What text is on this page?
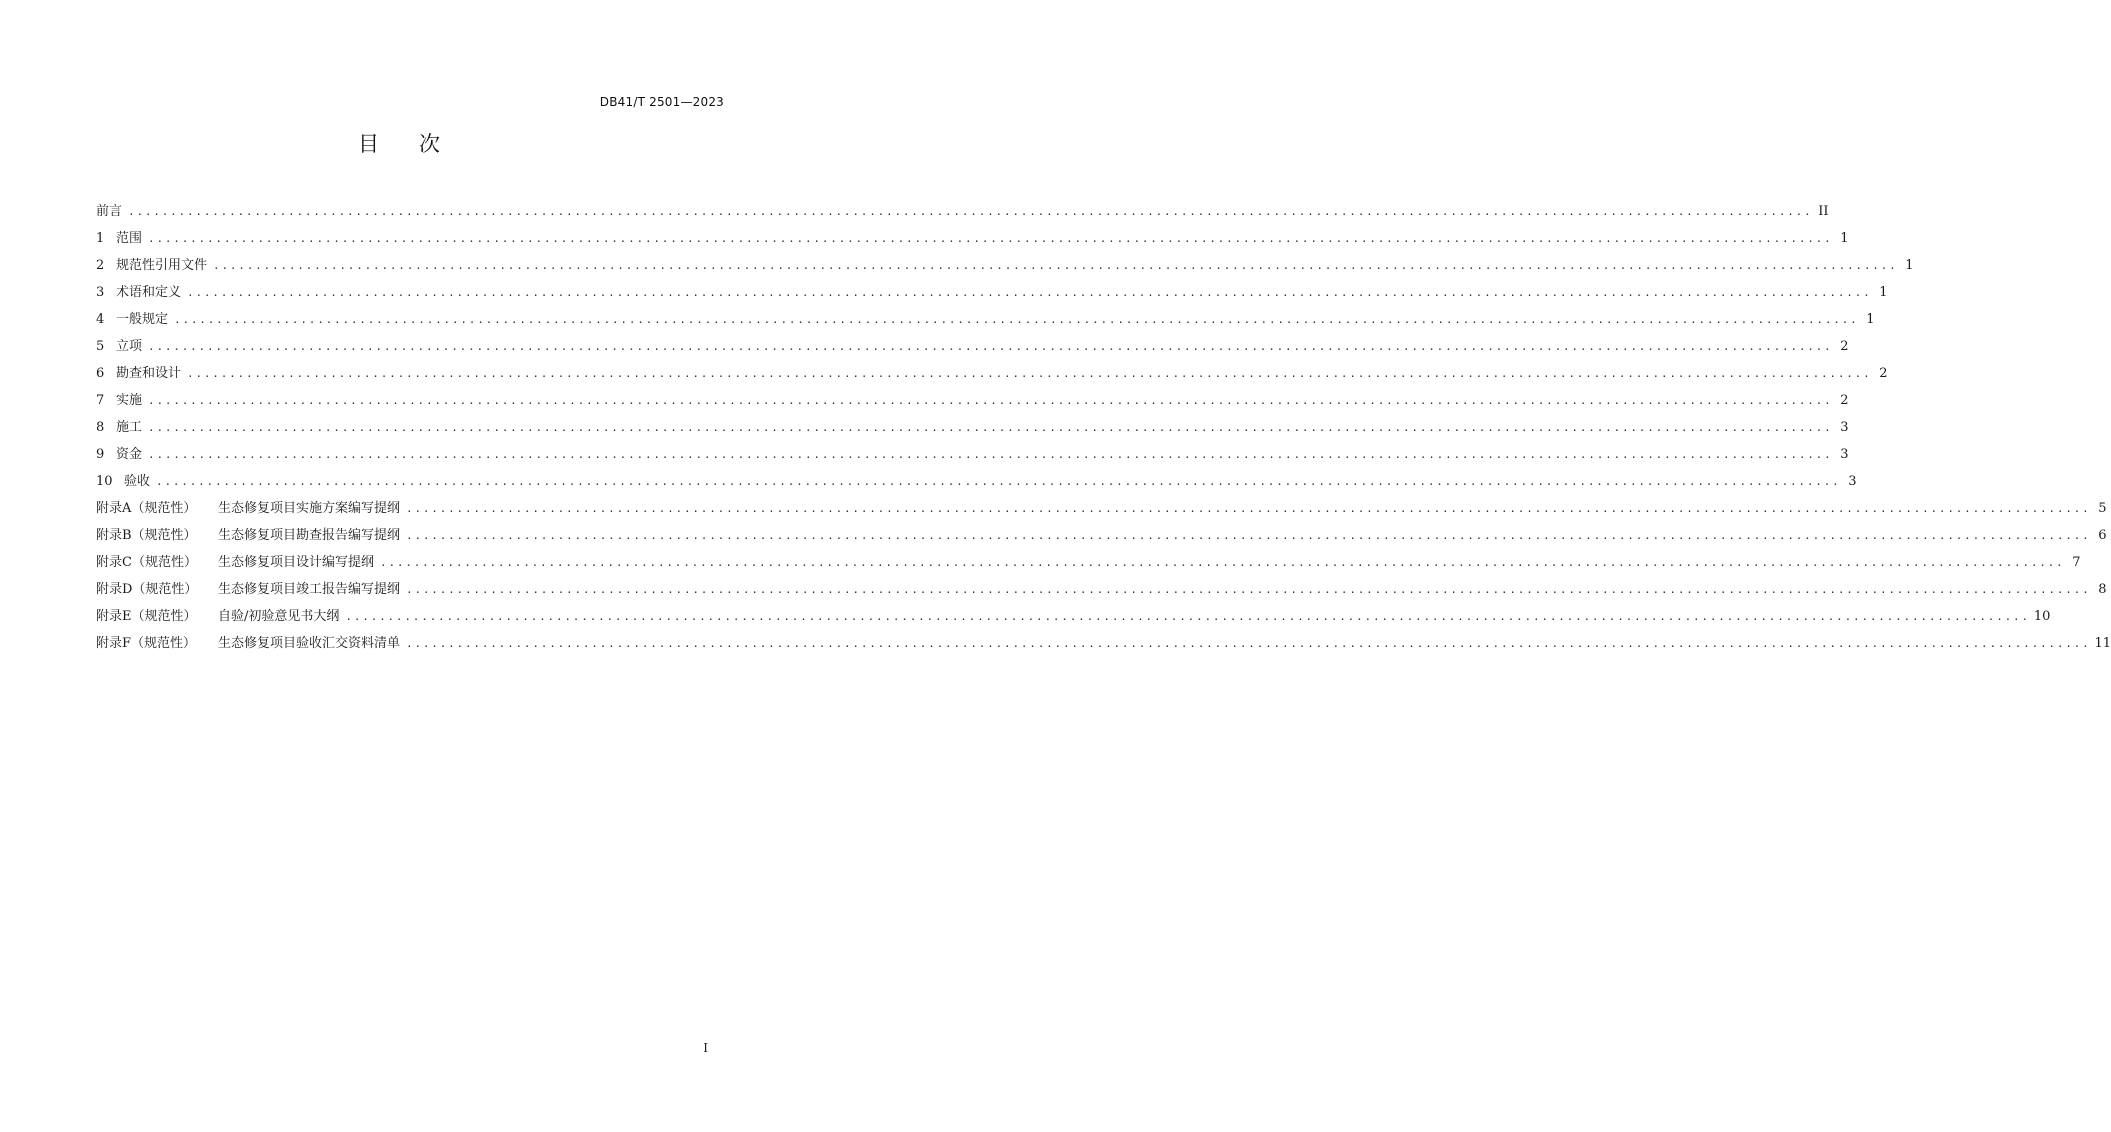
DB41/T 2501—2023
目 次
前言 ........................................................................................................................................................................................................ II
1 范围 ........................................................................................................................................................................................................ 1
2 规范性引用文件 ........................................................................................................................................................................................................ 1
3 术语和定义 ........................................................................................................................................................................................................ 1
4 一般规定 ........................................................................................................................................................................................................ 1
5 立项 ........................................................................................................................................................................................................ 2
6 勘查和设计 ........................................................................................................................................................................................................ 2
7 实施 ........................................................................................................................................................................................................ 2
8 施工 ........................................................................................................................................................................................................ 3
9 资金 ........................................................................................................................................................................................................ 3
10 验收 ........................................................................................................................................................................................................ 3
附录A（规范性） 生态修复项目实施方案编写提纲 ........................................................................................................................................................................................................ 5
附录B（规范性） 生态修复项目勘查报告编写提纲 ........................................................................................................................................................................................................ 6
附录C（规范性） 生态修复项目设计编写提纲 ........................................................................................................................................................................................................ 7
附录D（规范性） 生态修复项目竣工报告编写提纲 ........................................................................................................................................................................................................ 8
附录E（规范性） 自验/初验意见书大纲 ........................................................................................................................................................................................................ 10
附录F（规范性） 生态修复项目验收汇交资料清单 ........................................................................................................................................................................................................ 11
I
